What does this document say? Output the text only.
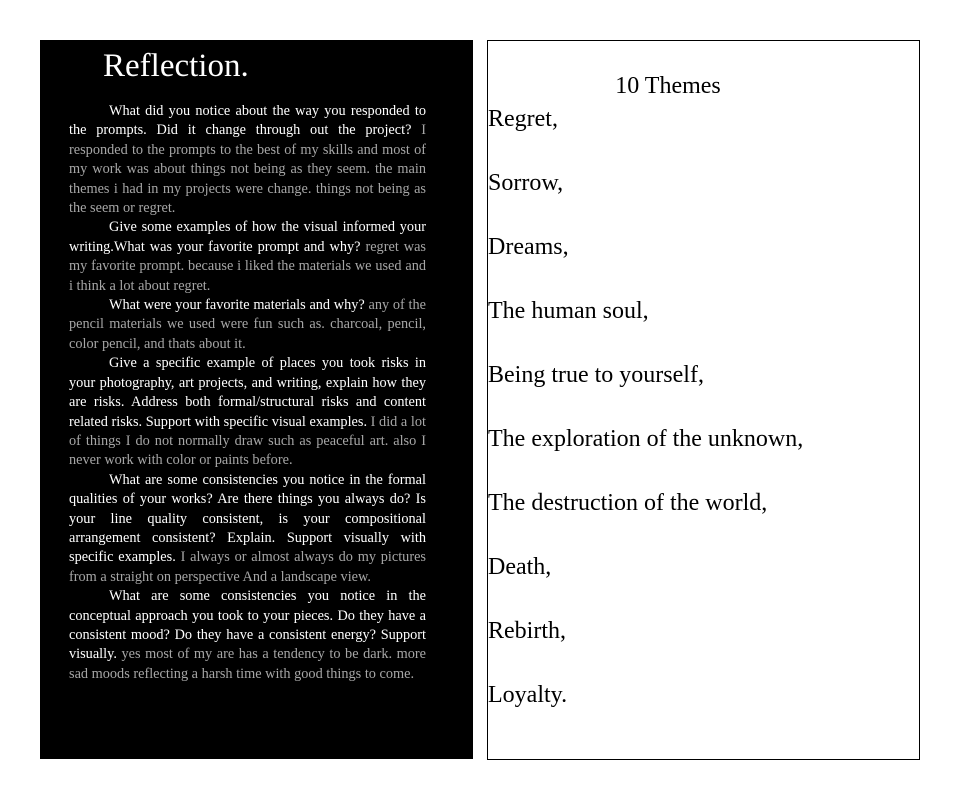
Reflection.

What did you notice about the way you responded to the prompts. Did it change through out the project? I responded to the prompts to the best of my skills and most of my work was about things not being as they seem. the main themes i had in my projects were change. things not being as the seem or regret.

Give some examples of how the visual informed your writing.What was your favorite prompt and why? regret was my favorite prompt. because i liked the materials we used and i think a lot about regret.

What were your favorite materials and why? any of the pencil materials we used were fun such as. charcoal, pencil, color pencil, and thats about it.

Give a specific example of places you took risks in your photography, art projects, and writing, explain how they are risks. Address both formal/structural risks and content related risks. Support with specific visual examples. I did a lot of things I do not normally draw such as peaceful art. also I never work with color or paints before.

What are some consistencies you notice in the formal qualities of your works? Are there things you always do? Is your line quality consistent, is your compositional arrangement consistent? Explain. Support visually with specific examples. I always or almost always do my pictures from a straight on perspective And a landscape view.

What are some consistencies you notice in the conceptual approach you took to your pieces. Do they have a consistent mood? Do they have a consistent energy? Support visually. yes most of my are has a tendency to be dark. more sad moods reflecting a harsh time with good things to come.

10 Themes
Regret,
Sorrow,
Dreams,
The human soul,
Being true to yourself,
The exploration of the unknown,
The destruction of the world,
Death,
Rebirth,
Loyalty.
